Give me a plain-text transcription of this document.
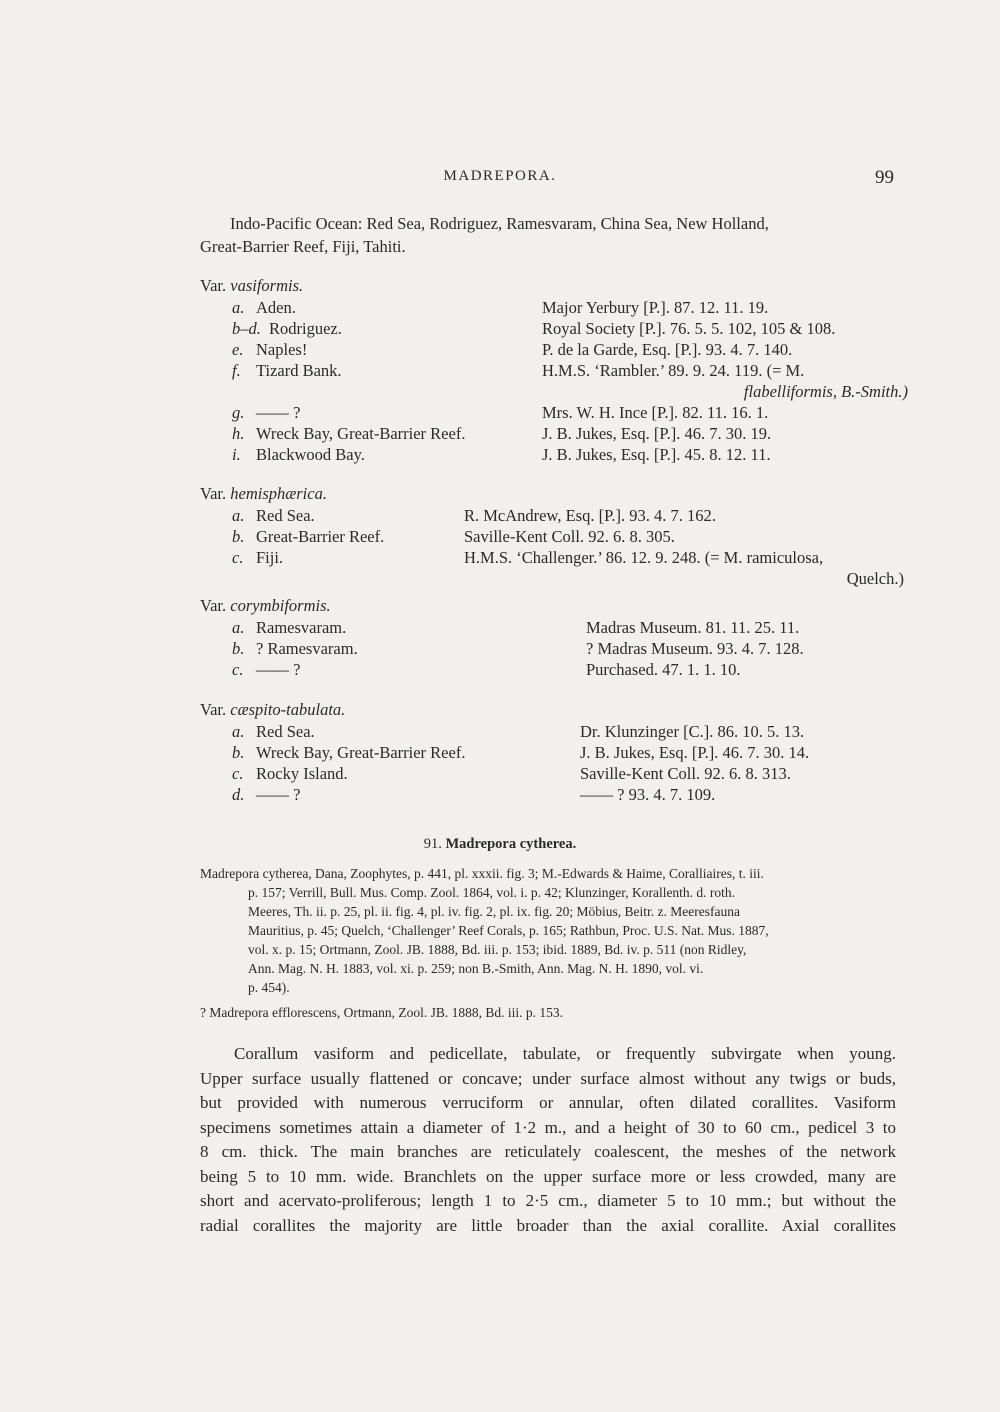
MADREPORA.	99
Indo-Pacific Ocean: Red Sea, Rodriguez, Ramesvaram, China Sea, New Holland,
Great-Barrier Reef, Fiji, Tahiti.
Var. vasiformis.
a. Aden.	Major Yerbury [P.]. 87. 12. 11. 19.
b–d. Rodriguez.	Royal Society [P.]. 76. 5. 5. 102, 105 & 108.
e. Naples!	P. de la Garde, Esq. [P.]. 93. 4. 7. 140.
f. Tizard Bank.	H.M.S. ‘Rambler.’ 89. 9. 24. 119. (= M.
flabelliformis, B.-Smith.)
g. —— ?	Mrs. W. H. Ince [P.]. 82. 11. 16. 1.
h. Wreck Bay, Great-Barrier Reef.	J. B. Jukes, Esq. [P.]. 46. 7. 30. 19.
i. Blackwood Bay.	J. B. Jukes, Esq. [P.]. 45. 8. 12. 11.
Var. hemisphærica.
a. Red Sea.	R. McAndrew, Esq. [P.]. 93. 4. 7. 162.
b. Great-Barrier Reef.	Saville-Kent Coll. 92. 6. 8. 305.
c. Fiji.	H.M.S. ‘Challenger.’ 86. 12. 9. 248. (= M. ramiculosa,
Quelch.)
Var. corymbiformis.
a. Ramesvaram.	Madras Museum. 81. 11. 25. 11.
b. ? Ramesvaram.	? Madras Museum. 93. 4. 7. 128.
c. —— ?	Purchased. 47. 1. 1. 10.
Var. cæspito-tabulata.
a. Red Sea.	Dr. Klunzinger [C.]. 86. 10. 5. 13.
b. Wreck Bay, Great-Barrier Reef.	J. B. Jukes, Esq. [P.]. 46. 7. 30. 14.
c. Rocky Island.	Saville-Kent Coll. 92. 6. 8. 313.
d. —— ?	—— ? 93. 4. 7. 109.
91. Madrepora cytherea.
Madrepora cytherea, Dana, Zoophytes, p. 441, pl. xxxii. fig. 3; M.-Edwards & Haime, Coralliaires, t. iii.
p. 157; Verrill, Bull. Mus. Comp. Zool. 1864, vol. i. p. 42; Klunzinger, Korallenth. d. roth.
Meeres, Th. ii. p. 25, pl. ii. fig. 4, pl. iv. fig. 2, pl. ix. fig. 20; Möbius, Beitr. z. Meeresfauna
Mauritius, p. 45; Quelch, ‘Challenger’ Reef Corals, p. 165; Rathbun, Proc. U.S. Nat. Mus. 1887,
vol. x. p. 15; Ortmann, Zool. JB. 1888, Bd. iii. p. 153; ibid. 1889, Bd. iv. p. 511 (non Ridley,
Ann. Mag. N. H. 1883, vol. xi. p. 259; non B.-Smith, Ann. Mag. N. H. 1890, vol. vi.
p. 454).
? Madrepora efflorescens, Ortmann, Zool. JB. 1888, Bd. iii. p. 153.
Corallum vasiform and pedicellate, tabulate, or frequently subvirgate when young.
Upper surface usually flattened or concave; under surface almost without any twigs or buds,
but provided with numerous verruciform or annular, often dilated corallites. Vasiform
specimens sometimes attain a diameter of 1·2 m., and a height of 30 to 60 cm., pedicel 3 to
8 cm. thick. The main branches are reticulately coalescent, the meshes of the network
being 5 to 10 mm. wide. Branchlets on the upper surface more or less crowded, many are
short and acervato-proliferous; length 1 to 2·5 cm., diameter 5 to 10 mm.; but without the
radial corallites the majority are little broader than the axial corallite. Axial corallites
